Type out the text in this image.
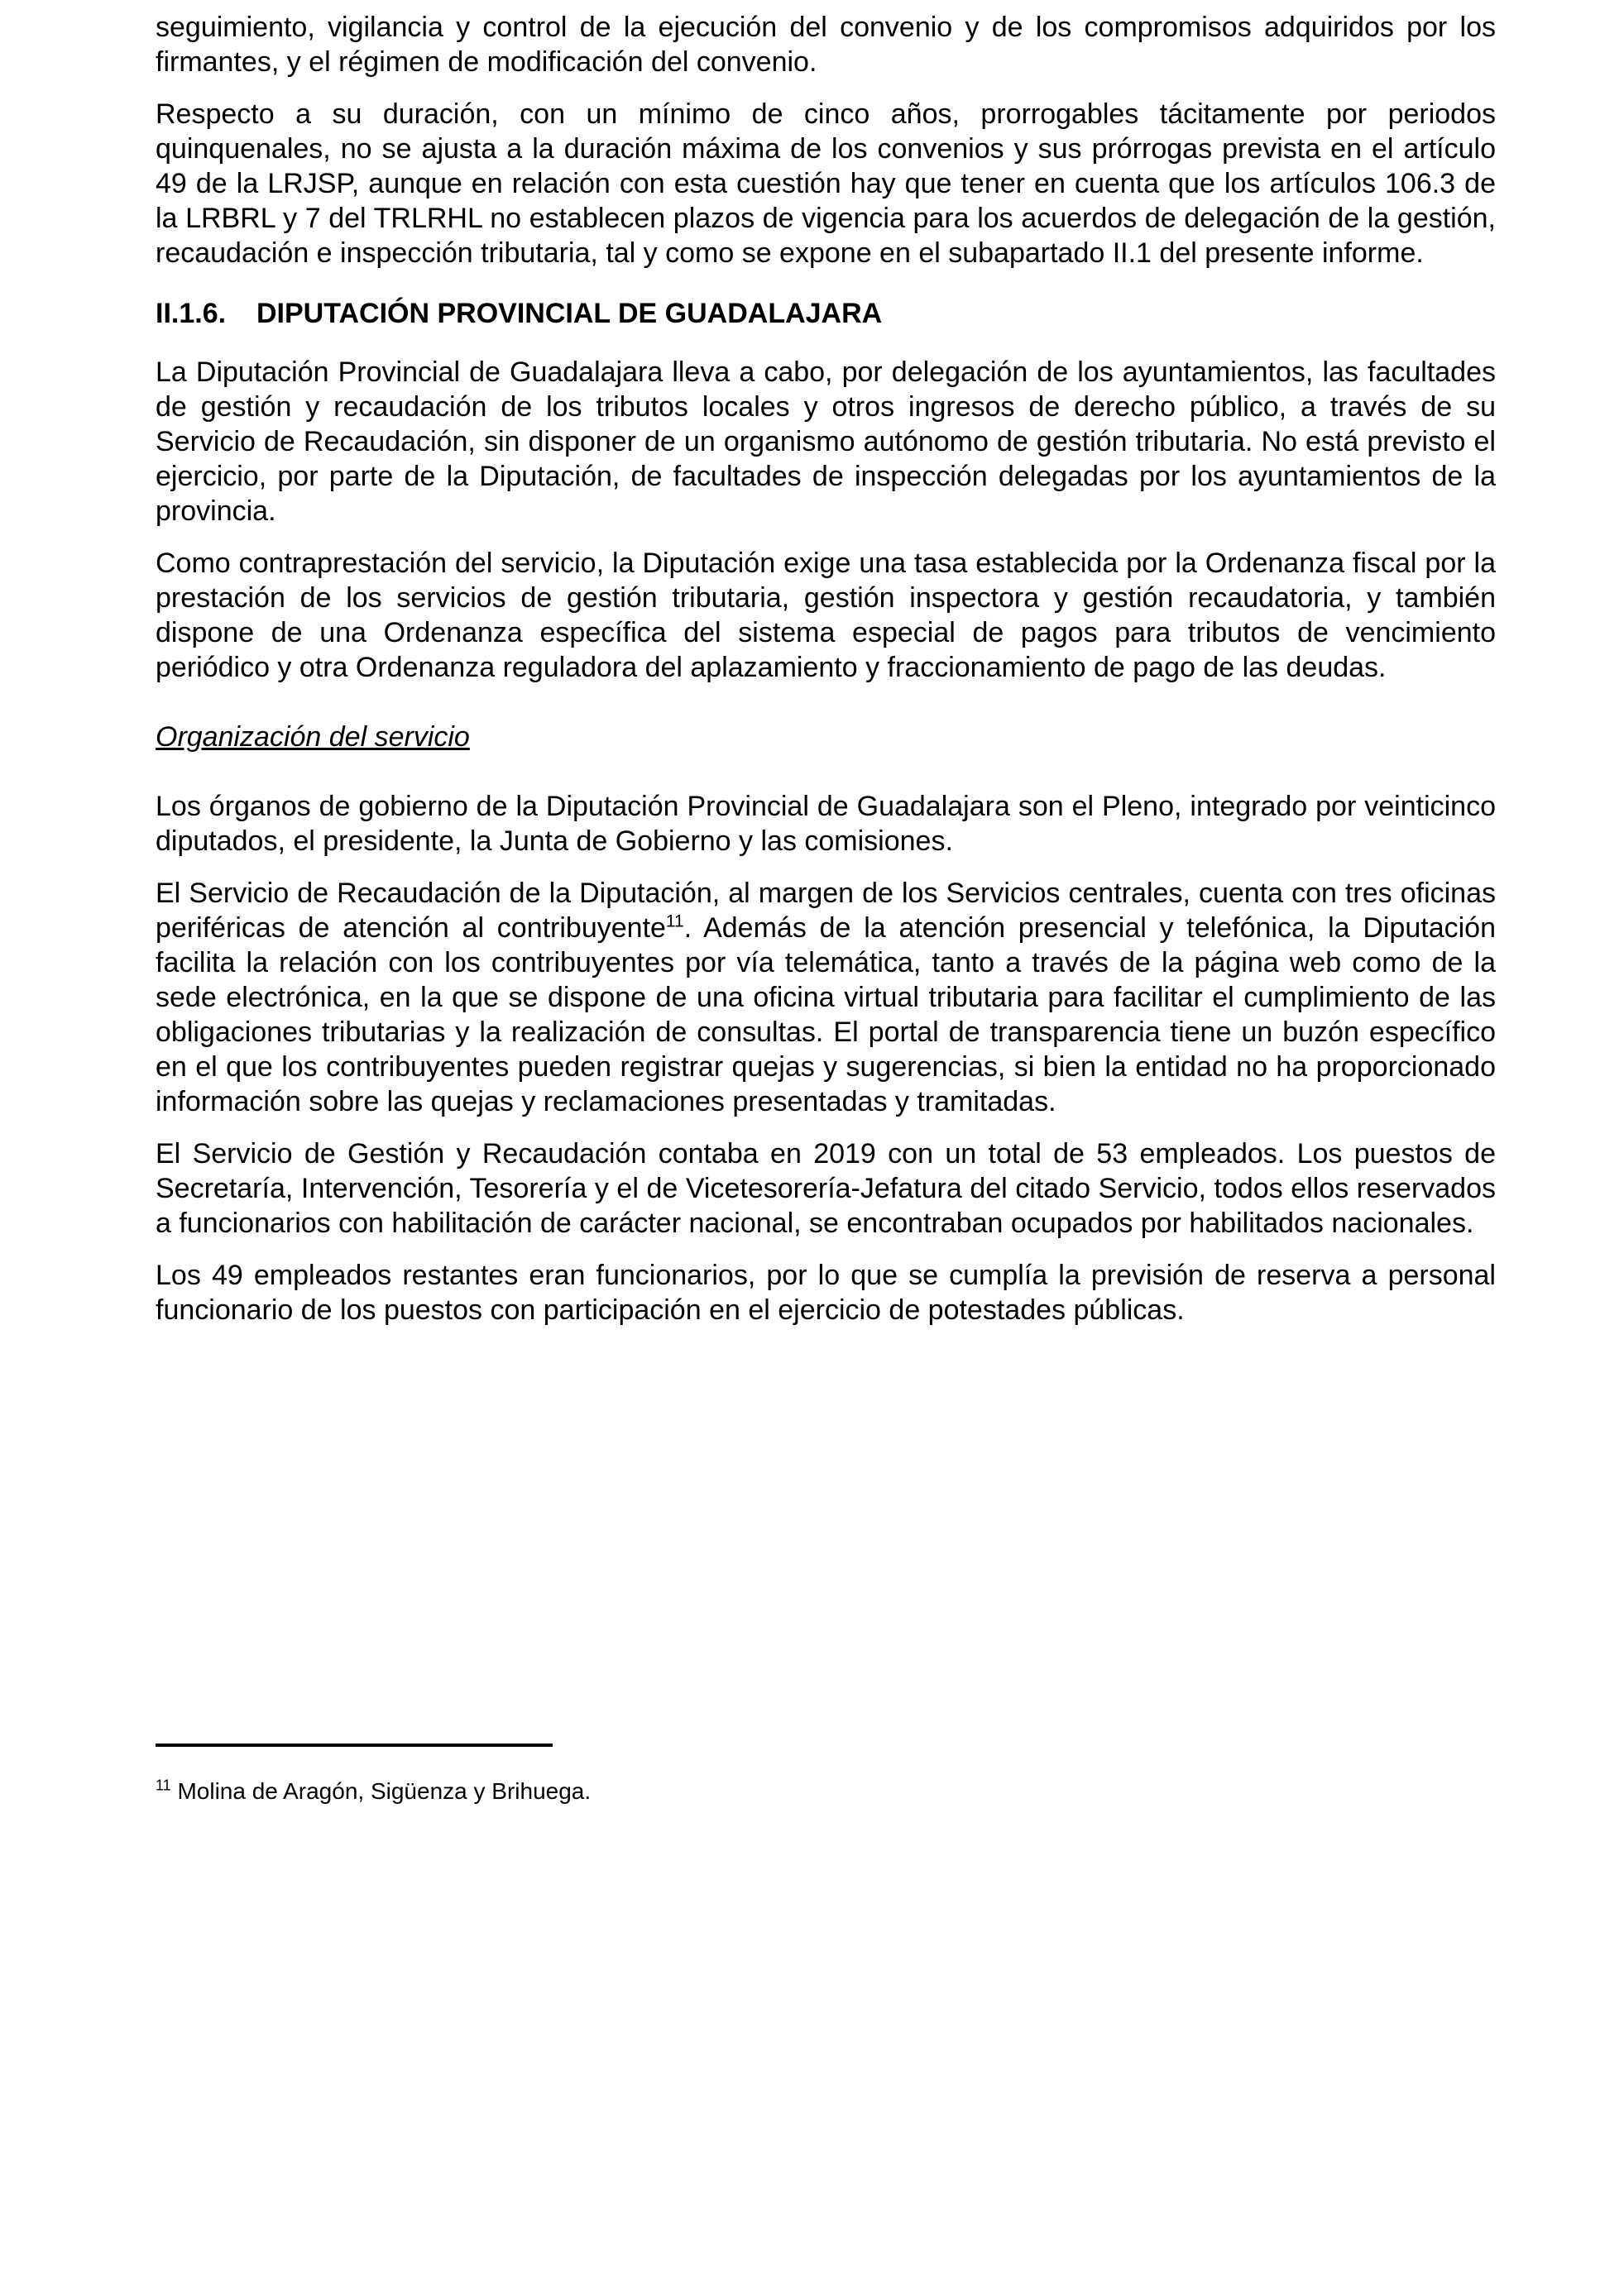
seguimiento, vigilancia y control de la ejecución del convenio y de los compromisos adquiridos por los firmantes, y el régimen de modificación del convenio.

Respecto a su duración, con un mínimo de cinco años, prorrogables tácitamente por periodos quinquenales, no se ajusta a la duración máxima de los convenios y sus prórrogas prevista en el artículo 49 de la LRJSP, aunque en relación con esta cuestión hay que tener en cuenta que los artículos 106.3 de la LRBRL y 7 del TRLRHL no establecen plazos de vigencia para los acuerdos de delegación de la gestión, recaudación e inspección tributaria, tal y como se expone en el subapartado II.1 del presente informe.

II.1.6. DIPUTACIÓN PROVINCIAL DE GUADALAJARA

La Diputación Provincial de Guadalajara lleva a cabo, por delegación de los ayuntamientos, las facultades de gestión y recaudación de los tributos locales y otros ingresos de derecho público, a través de su Servicio de Recaudación, sin disponer de un organismo autónomo de gestión tributaria. No está previsto el ejercicio, por parte de la Diputación, de facultades de inspección delegadas por los ayuntamientos de la provincia.

Como contraprestación del servicio, la Diputación exige una tasa establecida por la Ordenanza fiscal por la prestación de los servicios de gestión tributaria, gestión inspectora y gestión recaudatoria, y también dispone de una Ordenanza específica del sistema especial de pagos para tributos de vencimiento periódico y otra Ordenanza reguladora del aplazamiento y fraccionamiento de pago de las deudas.

Organización del servicio

Los órganos de gobierno de la Diputación Provincial de Guadalajara son el Pleno, integrado por veinticinco diputados, el presidente, la Junta de Gobierno y las comisiones.

El Servicio de Recaudación de la Diputación, al margen de los Servicios centrales, cuenta con tres oficinas periféricas de atención al contribuyente$^{11}$. Además de la atención presencial y telefónica, la Diputación facilita la relación con los contribuyentes por vía telemática, tanto a través de la página web como de la sede electrónica, en la que se dispone de una oficina virtual tributaria para facilitar el cumplimiento de las obligaciones tributarias y la realización de consultas. El portal de transparencia tiene un buzón específico en el que los contribuyentes pueden registrar quejas y sugerencias, si bien la entidad no ha proporcionado información sobre las quejas y reclamaciones presentadas y tramitadas.

El Servicio de Gestión y Recaudación contaba en 2019 con un total de 53 empleados. Los puestos de Secretaría, Intervención, Tesorería y el de Vicetesorería-Jefatura del citado Servicio, todos ellos reservados a funcionarios con habilitación de carácter nacional, se encontraban ocupados por habilitados nacionales.

Los 49 empleados restantes eran funcionarios, por lo que se cumplía la previsión de reserva a personal funcionario de los puestos con participación en el ejercicio de potestades públicas.

$^{11}$ Molina de Aragón, Sigüenza y Brihuega.
